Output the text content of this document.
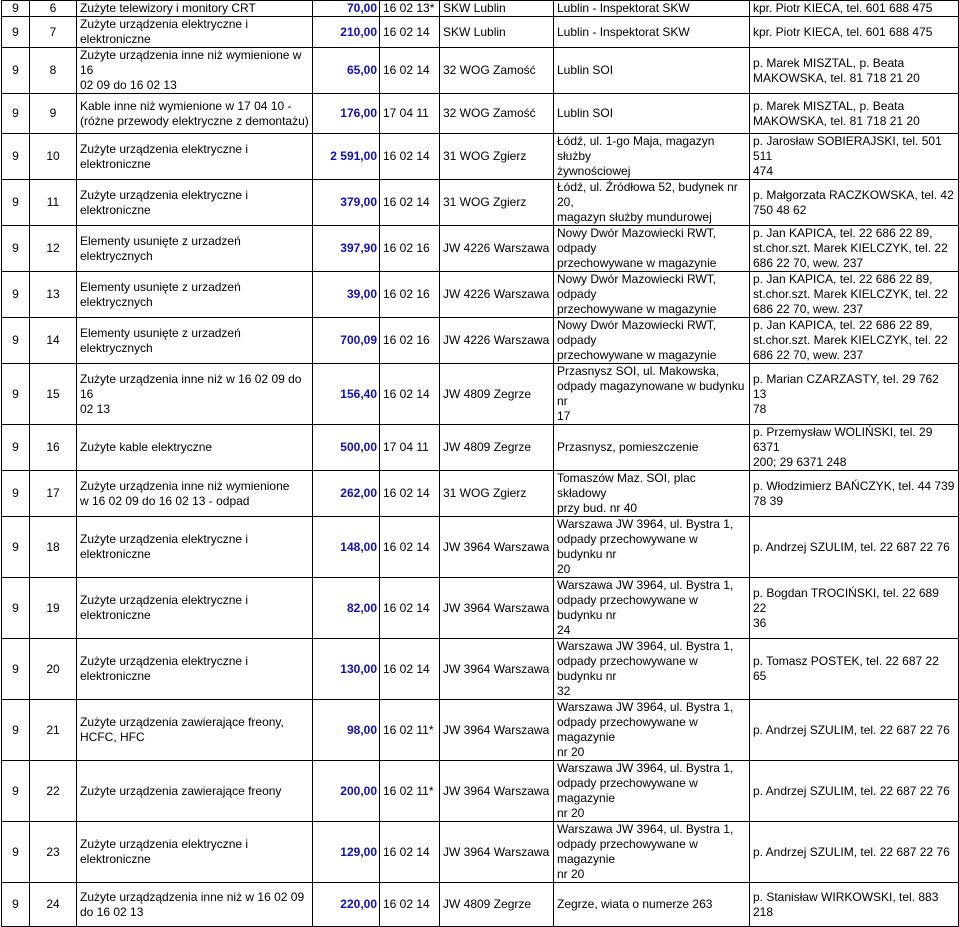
9	6	Zużyte telewizory i monitory CRT	70,00	16 02 13*	SKW Lublin	Lublin - Inspektorat SKW	kpr. Piotr KIECA, tel. 601 688 475
9	7	Zużyte urządzenia elektryczne i
elektroniczne	210,00	16 02 14	SKW Lublin	Lublin - Inspektorat SKW	kpr. Piotr KIECA, tel. 601 688 475
9	8	Zużyte urządzenia inne niż wymienione w 16
02 09 do 16 02 13	65,00	16 02 14	32 WOG Zamość	Lublin SOI	p. Marek MISZTAL, p. Beata
MAKOWSKA, tel. 81 718 21 20
9	9	Kable inne niż wymienione w 17 04 10 -
(różne przewody elektryczne z demontażu)	176,00	17 04 11	32 WOG Zamość	Lublin SOI	p. Marek MISZTAL, p. Beata
MAKOWSKA, tel. 81 718 21 20
9	10	Zużyte urządzenia elektryczne i
elektroniczne	2 591,00	16 02 14	31 WOG Zgierz	Łódź, ul. 1-go Maja, magazyn służby
żywnościowej	p. Jarosław SOBIERAJSKI, tel. 501 511
474
9	11	Zużyte urządzenia elektryczne i
elektroniczne	379,00	16 02 14	31 WOG Zgierz	Łódź, ul. Źródłowa 52, budynek nr 20,
magazyn służby mundurowej	p. Małgorzata RACZKOWSKA, tel. 42
750 48 62
9	12	Elementy usunięte z urzadzeń elektrycznych	397,90	16 02 16	JW 4226 Warszawa	Nowy Dwór Mazowiecki RWT, odpady
przechowywane w magazynie	p. Jan KAPICA, tel. 22 686 22 89,
st.chor.szt. Marek KIELCZYK, tel. 22
686 22 70, wew. 237
9	13	Elementy usunięte z urzadzeń elektrycznych	39,00	16 02 16	JW 4226 Warszawa	Nowy Dwór Mazowiecki RWT, odpady
przechowywane w magazynie	p. Jan KAPICA, tel. 22 686 22 89,
st.chor.szt. Marek KIELCZYK, tel. 22
686 22 70, wew. 237
9	14	Elementy usunięte z urzadzeń elektrycznych	700,09	16 02 16	JW 4226 Warszawa	Nowy Dwór Mazowiecki RWT, odpady
przechowywane w magazynie	p. Jan KAPICA, tel. 22 686 22 89,
st.chor.szt. Marek KIELCZYK, tel. 22
686 22 70, wew. 237
9	15	Zużyte urządzenia inne niż w 16 02 09 do 16
02 13	156,40	16 02 14	JW 4809 Zegrze	Przasnysz SOI, ul. Makowska,
odpady magazynowane w budynku nr
17	p. Marian CZARZASTY, tel. 29 762 13
78
9	16	Zużyte kable elektryczne	500,00	17 04 11	JW 4809 Zegrze	Przasnysz, pomieszczenie	p. Przemysław WOLIŃSKI, tel. 29 6371
200; 29 6371 248
9	17	Zużyte urządzenia inne niż wymienione
w 16 02 09 do 16 02 13 - odpad	262,00	16 02 14	31 WOG Zgierz	Tomaszów Maz. SOI, plac składowy
przy bud. nr 40	p. Włodzimierz BAŃCZYK, tel. 44 739
78 39
9	18	Zużyte urządzenia elektryczne i
elektroniczne	148,00	16 02 14	JW 3964 Warszawa	Warszawa JW 3964, ul. Bystra 1,
odpady przechowywane w budynku nr
20	p. Andrzej SZULIM, tel. 22 687 22 76
9	19	Zużyte urządzenia elektryczne i
elektroniczne	82,00	16 02 14	JW 3964 Warszawa	Warszawa JW 3964, ul. Bystra 1,
odpady przechowywane w budynku nr
24	p. Bogdan TROCIŃSKI, tel. 22 689 22
36
9	20	Zużyte urządzenia elektryczne i
elektroniczne	130,00	16 02 14	JW 3964 Warszawa	Warszawa JW 3964, ul. Bystra 1,
odpady przechowywane w budynku nr
32	p. Tomasz POSTEK, tel. 22 687 22 65
9	21	Zużyte urządzenia zawierające freony,
HCFC, HFC	98,00	16 02 11*	JW 3964 Warszawa	Warszawa JW 3964, ul. Bystra 1,
odpady przechowywane w magazynie
nr 20	p. Andrzej SZULIM, tel. 22 687 22 76
9	22	Zużyte urządzenia zawierające freony	200,00	16 02 11*	JW 3964 Warszawa	Warszawa JW 3964, ul. Bystra 1,
odpady przechowywane w magazynie
nr 20	p. Andrzej SZULIM, tel. 22 687 22 76
9	23	Zużyte urządzenia elektryczne i
elektroniczne	129,00	16 02 14	JW 3964 Warszawa	Warszawa JW 3964, ul. Bystra 1,
odpady przechowywane w magazynie
nr 20	p. Andrzej SZULIM, tel. 22 687 22 76
9	24	Zużyte urządządzenia inne niż w 16 02 09
do 16 02 13	220,00	16 02 14	JW 4809 Zegrze	Zegrze, wiata o numerze 263	p. Stanisław WIRKOWSKI, tel. 883 218
